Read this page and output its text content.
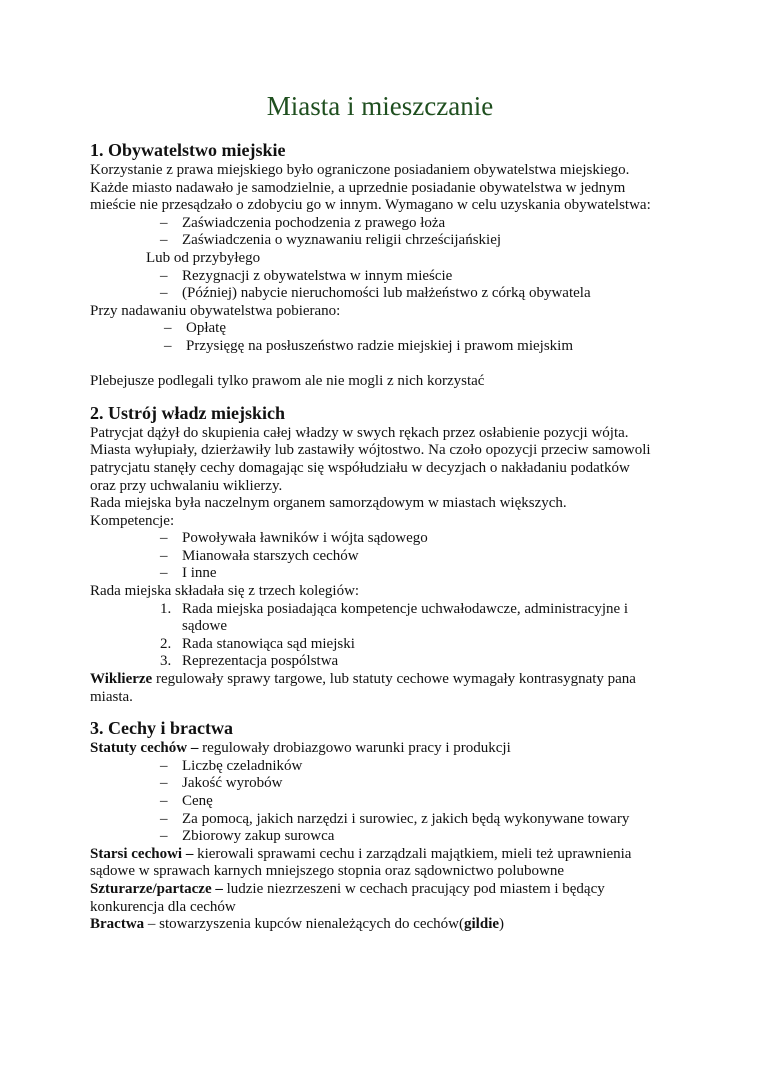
Miasta i mieszczanie
1. Obywatelstwo miejskie

Korzystanie z prawa miejskiego było ograniczone posiadaniem obywatelstwa miejskiego.

Każde miasto nadawało je samodzielnie, a uprzednie posiadanie obywatelstwa w jednym

mieście nie przesądzało o zdobyciu go w innym. Wymagano w celu uzyskania obywatelstwa:

– Zaświadczenia pochodzenia z prawego łoża
– Zaświadczenia o wyznawaniu religii chrześcijańskiej
Lub od przybyłego
– Rezygnacji z obywatelstwa w innym mieście
– (Później) nabycie nieruchomości lub małżeństwo z córką obywatela

Przy nadawaniu obywatelstwa pobierano:

– Opłatę
– Przysięgę na posłuszeństwo radzie miejskiej i prawom miejskim

Plebejusze podlegali tylko prawom ale nie mogli z nich korzystać

2. Ustrój władz miejskich

Patrycjat dążył do skupienia całej władzy w swych rękach przez osłabienie pozycji wójta.

Miasta wyłupiały, dzierżawiły lub zastawiły wójtostwo. Na czoło opozycji przeciw samowoli

patrycjatu stanęły cechy domagając się współudziału w decyzjach o nakładaniu podatków

oraz przy uchwalaniu wiklierzy.

Rada miejska była naczelnym organem samorządowym w miastach większych.

Kompetencje:

– Powoływała ławników i wójta sądowego
– Mianowała starszych cechów
– I inne

Rada miejska składała się z trzech kolegiów:

1. Rada miejska posiadająca kompetencje uchwałodawcze, administracyjne i
sądowe
2. Rada stanowiąca sąd miejski
3. Reprezentacja pospólstwa

Wiklierze regulowały sprawy targowe, lub statuty cechowe wymagały kontrasygnaty pana

miasta.

3. Cechy i bractwa

Statuty cechów – regulowały drobiazgowo warunki pracy i produkcji

– Liczbę czeladników
– Jakość wyrobów
– Cenę
– Za pomocą, jakich narzędzi i surowiec, z jakich będą wykonywane towary
– Zbiorowy zakup surowca

Starsi cechowi – kierowali sprawami cechu i zarządzali majątkiem, mieli też uprawnienia

sądowe w sprawach karnych mniejszego stopnia oraz sądownictwo polubowne

Szturarze/partacze – ludzie niezrzeszeni w cechach pracujący pod miastem i będący

konkurencja dla cechów

Bractwa – stowarzyszenia kupców nienależących do cechów(gildie)
